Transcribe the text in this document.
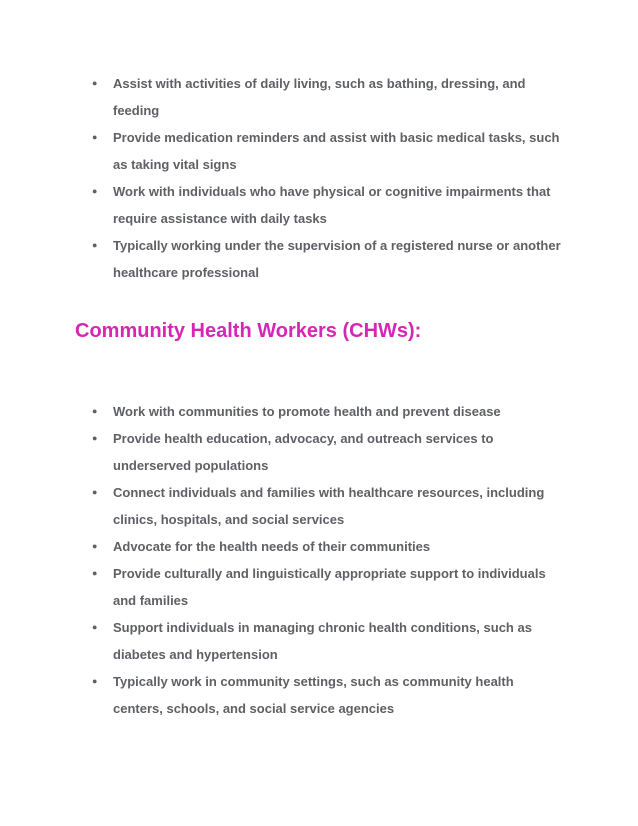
● Assist with activities of daily living, such as bathing, dressing, and feeding
● Provide medication reminders and assist with basic medical tasks, such as taking vital signs
● Work with individuals who have physical or cognitive impairments that require assistance with daily tasks
● Typically working under the supervision of a registered nurse or another healthcare professional
Community Health Workers (CHWs):
● Work with communities to promote health and prevent disease
● Provide health education, advocacy, and outreach services to underserved populations
● Connect individuals and families with healthcare resources, including clinics, hospitals, and social services
● Advocate for the health needs of their communities
● Provide culturally and linguistically appropriate support to individuals and families
● Support individuals in managing chronic health conditions, such as diabetes and hypertension
● Typically work in community settings, such as community health centers, schools, and social service agencies
